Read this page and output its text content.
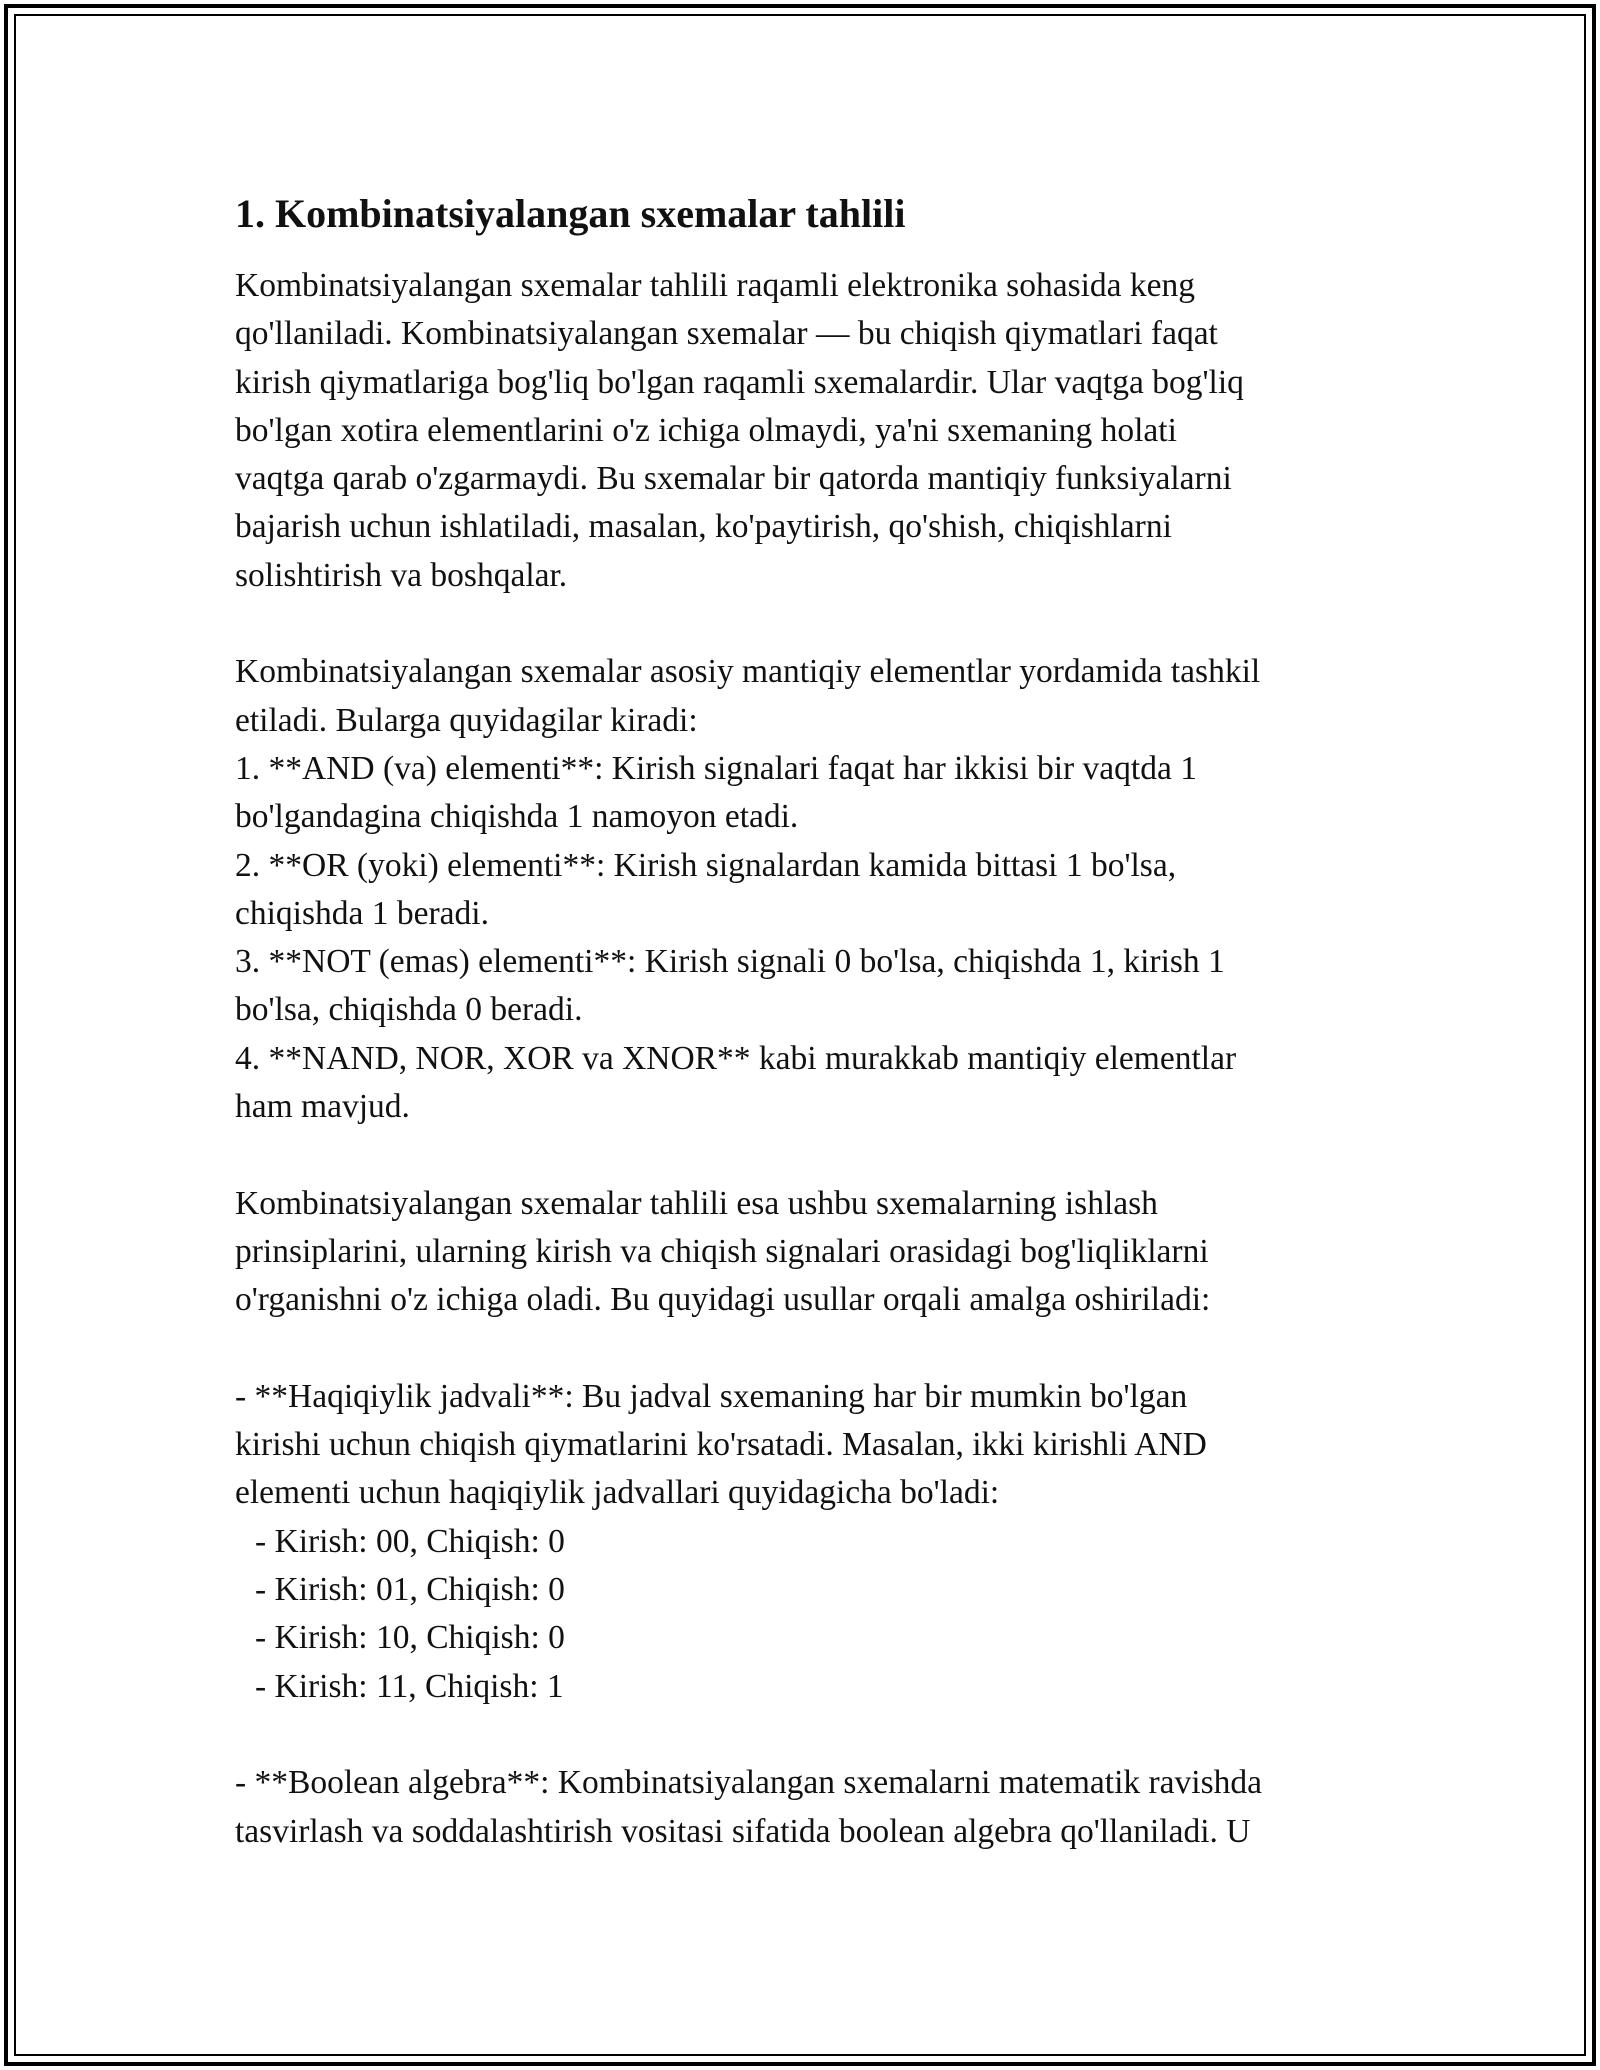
1. Kombinatsiyalangan sxemalar tahlili
Kombinatsiyalangan sxemalar tahlili raqamli elektronika sohasida keng
qo'llaniladi. Kombinatsiyalangan sxemalar — bu chiqish qiymatlari faqat
kirish qiymatlariga bog'liq bo'lgan raqamli sxemalardir. Ular vaqtga bog'liq
bo'lgan xotira elementlarini o'z ichiga olmaydi, ya'ni sxemaning holati
vaqtga qarab o'zgarmaydi. Bu sxemalar bir qatorda mantiqiy funksiyalarni
bajarish uchun ishlatiladi, masalan, ko'paytirish, qo'shish, chiqishlarni
solishtirish va boshqalar.
Kombinatsiyalangan sxemalar asosiy mantiqiy elementlar yordamida tashkil
etiladi. Bularga quyidagilar kiradi:
1. **AND (va) elementi**: Kirish signalari faqat har ikkisi bir vaqtda 1
bo'lgandagina chiqishda 1 namoyon etadi.
2. **OR (yoki) elementi**: Kirish signalardan kamida bittasi 1 bo'lsa,
chiqishda 1 beradi.
3. **NOT (emas) elementi**: Kirish signali 0 bo'lsa, chiqishda 1, kirish 1
bo'lsa, chiqishda 0 beradi.
4. **NAND, NOR, XOR va XNOR** kabi murakkab mantiqiy elementlar
ham mavjud.
Kombinatsiyalangan sxemalar tahlili esa ushbu sxemalarning ishlash
prinsiplarini, ularning kirish va chiqish signalari orasidagi bog'liqliklarni
o'rganishni o'z ichiga oladi. Bu quyidagi usullar orqali amalga oshiriladi:
- **Haqiqiylik jadvali**: Bu jadval sxemaning har bir mumkin bo'lgan
kirishi uchun chiqish qiymatlarini ko'rsatadi. Masalan, ikki kirishli AND
elementi uchun haqiqiylik jadvallari quyidagicha bo'ladi:
- Kirish: 00, Chiqish: 0
- Kirish: 01, Chiqish: 0
- Kirish: 10, Chiqish: 0
- Kirish: 11, Chiqish: 1
- **Boolean algebra**: Kombinatsiyalangan sxemalarni matematik ravishda
tasvirlash va soddalashtirish vositasi sifatida boolean algebra qo'llaniladi. U
